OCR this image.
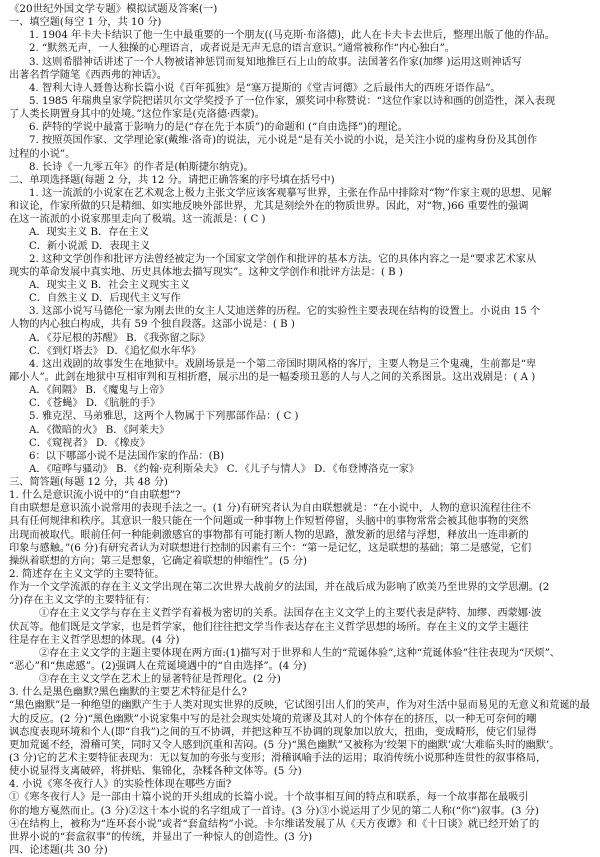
《20世纪外国文学专题》模拟试题及答案(一)
一、填空题(每空 1 分，共 10 分)
1. 1904 年卡夫卡结识了他一生中最重要的一个朋友((马克斯·布洛德)，此人在卡夫卡去世后，整理出版了他的作品。
2. “默然无声，一人独操的心理语言，或者说是无声无息的语言意识。”通常被称作“内心独白”。
3. 这则希腊神话讲述了一个人物被诸神惩罚而复知地推巨石上山的故事。法国著名作家(加缪 )运用这则神话写
出著名哲学随笔《西西弗的神话》。
4. 智利大诗人聂鲁达称长篇小说《百年孤独》是“塞万提斯的《堂吉诃德》之后最伟大的西班牙语作品”。
5. 1985 年瑞典皇家学院把诺贝尔文学奖授予了一位作家，颁奖词中称赞说：“这位作家以诗和画的创造性，深入表现
了人类长期置身其中的处境。”这位作家是(克洛德·西蒙)。
6. 萨特的学说中最富于影响力的是(“存在先于本质”)的命题和 (“自由选择”)的理论。
7. 按照英国作家、文学理论家(戴维·洛奇)的说法，元小说是“是有关小说的小说，是关注小说的虚构身份及其创作
过程的小说”。
8. 长诗《一九零五年》的作者是(帕斯捷尔纳克)。
二、单项选择题(每题 2 分，共 12 分。请把正确答案的序号填在括号中)
1. 这一流派的小说家在艺术观念上极力主张文学应该客观摹写世界，主张在作品中排除对“物”作家主观的思想、见解
和议论，作家所做的只是精细、如实地反映外部世界，尤其是刻绘外在的物质世界。因此，对“物，)66 重要性的强调
在这一流派的小说家那里走向了极端。这一流派是：( C )
A．现实主义 B．存在主义
C．新小说派 D．表现主义
2. 这种文学创作和批评方法曾经被定为一个国家文学创作和批评的基本方法。它的具体内容之一是“要求艺术家从
现实的革命发展中真实地、历史具体地去描写现实”。这种文学创作和批评方法是：( B )
A．现实主义 B．社会主义现实主义
C．自然主义 D．后现代主义写作
3. 这部小说写马德伦一家为刚去世的女主人艾迪送葬的历程。它的实验性主要表现在结构的设置上。小说由 15 个
人物的内心独白构成，共有 59 个独自段落。这部小说是：( B )
A．《芬尼根的苏醒》 B．《我弥留之际》
C．《到灯塔去》 D．《追忆似水年华》
4. 这出戏剧的故事发生在地狱中。戏剧场景是一个第二帝国时期风格的客厅，主要人物是三个鬼魂，生前都是“卑
鄙小人”。此剑在地狱中互相审判和互相折磨，展示出的是一幅委琐丑恶的人与人之间的关系图景。这出戏剧是：( A )
A．《间隔》 B．《魔鬼与上帝》
C．《苍蝇》 D．《肮脏的手》
5. 雅克涅、马弟雅思，这两个人物属于下列那部作品：( C )
A．《微暗的火》 B．《阿莱夫》
C．《窥视者》 D．《橡皮》
6：以下哪部小说不是法国作家的作品：(B)
A．《喧哗与骚动》 B．《约翰·克利斯朵夫》 C．《儿子与情人》 D．《布登博洛克一家》
三、简答题(每题 12 分，共 48 分)
1. 什么是意识流小说中的“自由联想”?
自由联想是意识流小说常用的表现手法之一。(1 分)有研究者认为自由联想就是：“在小说中，人物的意识流程往往不
具有任何规律和秩序。其意识一般只能在一个问题或一种事物上作短暂停留，头脑中的事物常常会被其他事物的突然
出现而被取代。眼前任何一种能刺激感官的事物都有可能打断人物的思路，激发新的思绪与浮想，释放出一连串新的
印象与感触。”(6 分)有研究者认为对联想进行控制的因素有三个：“第一是记忆，这是联想的基础；第二是感觉，它们
操纵着联想的方向；第三是想象，它确定着联想的伸缩性”。(5 分)
2. 简述存在主义文学的主要特征。
作为一个文学流派的存在主义文学出现在第二次世界大战前夕的法国，并在战后成为影响了欧美乃至世界的文学思潮。(2
分)存在主义文学的主要特征有：
①存在主义文学与存在主义哲学有着极为密切的关系。法国存在主义文学上的主要代表是萨特、加缪、西蒙娜·波
伏瓦等。他们既是文学家，也是哲学家，他们往往把文学当作表达存在主义哲学思想的场所。存在主义的文学主题往
往是存在主义哲学思想的体现。(4 分)
②存在主义文学的主题主要体现在两方面:(1)描写对于世界和人生的“荒诞体验”,这种“荒诞体验”往往表现为“厌烦”、
“恶心”和“焦虑感”。(2)强调人在荒诞境遇中的“自由选择”。(4 分)
③存在主义文学在艺术上的显著特征是哲理化。(2 分)
3. 什么是黑色幽默?黑色幽默的主要艺术特征是什么?
“黑色幽默”是一种绝望的幽默产生于人类对现实世界的反映，它试图引出人们的笑声，作为对生活中显而易见的无意义和荒诞的最
大的反应。(2 分)“黑色幽默”小说家集中写的是社会现实处境的荒谬及其对人的个体存在的挤压，以一种无可奈何的嘲
讽态度表现环境和个人(即“自我”)之间的互不协调，并把这种互不协调的现象加以放大，扭曲，变成畸形，使它们显得
更加荒诞不经，滑稽可笑，同时又令人感到沉重和苦闷。(5 分)“黑色幽默”又被称为‘绞架下的幽默’或‘大难临头时的幽默’。
(3 分)它的艺术主要特征表现为：无以复加的夸张与变形；滑稽讽喻手法的运用；取消传统小说那种连贯性的叙事格局，
使小说显得支离破碎，将拼贴、集锦化，杂糅各种文体等。(5 分)
4. 小说《寒冬夜行人》的实验性体现在哪些方面?
①《寒冬夜行人》是一部由十篇小说的开头组成的长篇小说。十个故事相互间的特点和联系，每一个故事都在最吸引
你的地方戛然而止。(3 分)②这十本小说的名字组成了一首诗。(3 分)③小说运用了少见的第二人称(“你”)叙事。(3 分)
④在结构上，被称为“连环套小说”或者“套盒结构”小说。卡尔维诺发展了从《天方夜谭》和《十日谈》就已经开始了的
世界小说的“套盒叙事”的传统，并显出了一种惊人的创造性。(3 分)
四、论述题(共 30 分)
